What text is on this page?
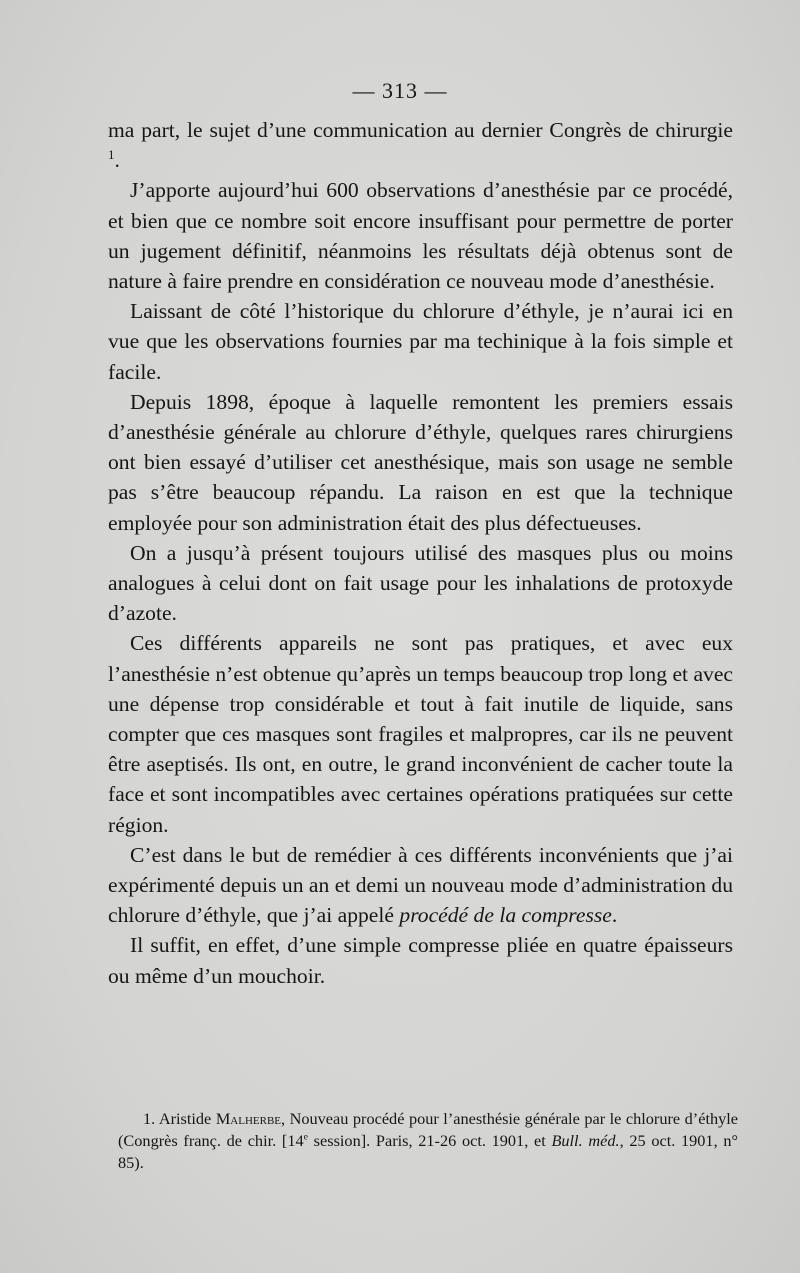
— 313 —

ma part, le sujet d’une communication au dernier Congrès de chirurgie $^1$.

J’apporte aujourd’hui 600 observations d’anesthésie par ce procédé, et bien que ce nombre soit encore insuffisant pour permettre de porter un jugement définitif, néanmoins les résultats déjà obtenus sont de nature à faire prendre en considération ce nouveau mode d’anesthésie.

Laissant de côté l’historique du chlorure d’éthyle, je n’aurai ici en vue que les observations fournies par ma techinique à la fois simple et facile.

Depuis 1898, époque à laquelle remontent les premiers essais d’anesthésie générale au chlorure d’éthyle, quelques rares chirurgiens ont bien essayé d’utiliser cet anesthésique, mais son usage ne semble pas s’être beaucoup répandu. La raison en est que la technique employée pour son administration était des plus défectueuses.

On a jusqu’à présent toujours utilisé des masques plus ou moins analogues à celui dont on fait usage pour les inhalations de protoxyde d’azote.

Ces différents appareils ne sont pas pratiques, et avec eux l’anesthésie n’est obtenue qu’après un temps beaucoup trop long et avec une dépense trop considérable et tout à fait inutile de liquide, sans compter que ces masques sont fragiles et malpropres, car ils ne peuvent être aseptisés. Ils ont, en outre, le grand inconvénient de cacher toute la face et sont incompatibles avec certaines opérations pratiquées sur cette région.

C’est dans le but de remédier à ces différents inconvénients que j’ai expérimenté depuis un an et demi un nouveau mode d’administration du chlorure d’éthyle, que j’ai appelé procédé de la compresse.

Il suffit, en effet, d’une simple compresse pliée en quatre épaisseurs ou même d’un mouchoir.

1. Aristide Malherbe, Nouveau procédé pour l’anesthésie générale par le chlorure d’éthyle (Congrès franç. de chir. [14e session]. Paris, 21-26 oct. 1901, et Bull. méd., 25 oct. 1901, n° 85).
